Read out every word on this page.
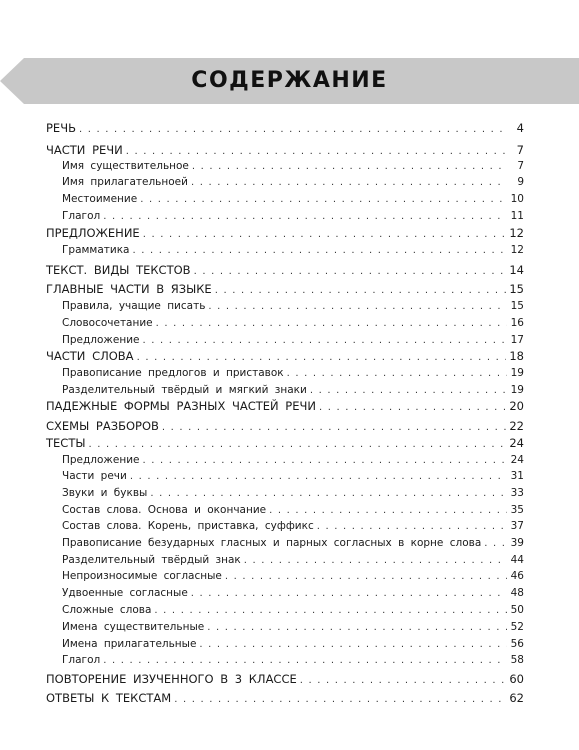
СОДЕРЖАНИЕ
РЕЧЬ . . .	4
ЧАСТИ РЕЧИ . . .	7
Имя существительное . . .	7
Имя прилагательноей . . .	9
Местоимение . . .	10
Глагол . . .	11
ПРЕДЛОЖЕНИЕ . . .	12
Грамматика . . .	12
ТЕКСТ. ВИДЫ ТЕКСТОВ . . .	14
ГЛАВНЫЕ ЧАСТИ В ЯЗЫКЕ . . .	15
Правила, учащие писать . . .	15
Словосочетание . . .	16
Предложение . . .	17
ЧАСТИ СЛОВА . . .	18
Правописание предлогов и приставок . . .	19
Разделительный твёрдый и мягкий знаки . . .	19
ПАДЕЖНЫЕ ФОРМЫ РАЗНЫХ ЧАСТЕЙ РЕЧИ . . .	20
СХЕМЫ РАЗБОРОВ . . .	22
ТЕСТЫ . . .	24
Предложение . . .	24
Части речи . . .	31
Звуки и буквы . . .	33
Состав слова. Основа и окончание . . .	35
Состав слова. Корень, приставка, суффикс . . .	37
Правописание безударных гласных и парных согласных в корне слова . . .	39
Разделительный твёрдый знак . . .	44
Непроизносимые согласные . . .	46
Удвоенные согласные . . .	48
Сложные слова . . .	50
Имена существительные . . .	52
Имена прилагательные . . .	56
Глагол . . .	58
ПОВТОРЕНИЕ ИЗУЧЕННОГО В 3 КЛАССЕ . . .	60
ОТВЕТЫ К ТЕКСТАМ . . .	62
